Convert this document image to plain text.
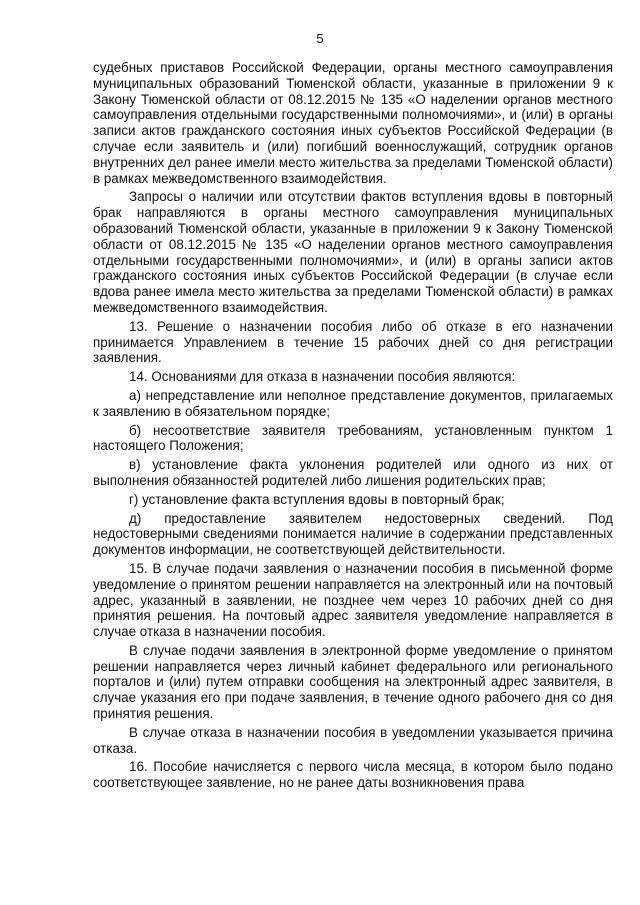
5

судебных приставов Российской Федерации, органы местного самоуправления муниципальных образований Тюменской области, указанные в приложении 9 к Закону Тюменской области от 08.12.2015 № 135 «О наделении органов местного самоуправления отдельными государственными полномочиями», и (или) в органы записи актов гражданского состояния иных субъектов Российской Федерации (в случае если заявитель и (или) погибший военнослужащий, сотрудник органов внутренних дел ранее имели место жительства за пределами Тюменской области) в рамках межведомственного взаимодействия.

Запросы о наличии или отсутствии фактов вступления вдовы в повторный брак направляются в органы местного самоуправления муниципальных образований Тюменской области, указанные в приложении 9 к Закону Тюменской области от 08.12.2015 № 135 «О наделении органов местного самоуправления отдельными государственными полномочиями», и (или) в органы записи актов гражданского состояния иных субъектов Российской Федерации (в случае если вдова ранее имела место жительства за пределами Тюменской области) в рамках межведомственного взаимодействия.

13. Решение о назначении пособия либо об отказе в его назначении принимается Управлением в течение 15 рабочих дней со дня регистрации заявления.

14. Основаниями для отказа в назначении пособия являются:

а) непредставление или неполное представление документов, прилагаемых к заявлению в обязательном порядке;

б) несоответствие заявителя требованиям, установленным пунктом 1 настоящего Положения;

в) установление факта уклонения родителей или одного из них от выполнения обязанностей родителей либо лишения родительских прав;

г) установление факта вступления вдовы в повторный брак;

д) предоставление заявителем недостоверных сведений. Под недостоверными сведениями понимается наличие в содержании представленных документов информации, не соответствующей действительности.

15. В случае подачи заявления о назначении пособия в письменной форме уведомление о принятом решении направляется на электронный или на почтовый адрес, указанный в заявлении, не позднее чем через 10 рабочих дней со дня принятия решения. На почтовый адрес заявителя уведомление направляется в случае отказа в назначении пособия.

В случае подачи заявления в электронной форме уведомление о принятом решении направляется через личный кабинет федерального или регионального порталов и (или) путем отправки сообщения на электронный адрес заявителя, в случае указания его при подаче заявления, в течение одного рабочего дня со дня принятия решения.

В случае отказа в назначении пособия в уведомлении указывается причина отказа.

16. Пособие начисляется с первого числа месяца, в котором было подано соответствующее заявление, но не ранее даты возникновения права
